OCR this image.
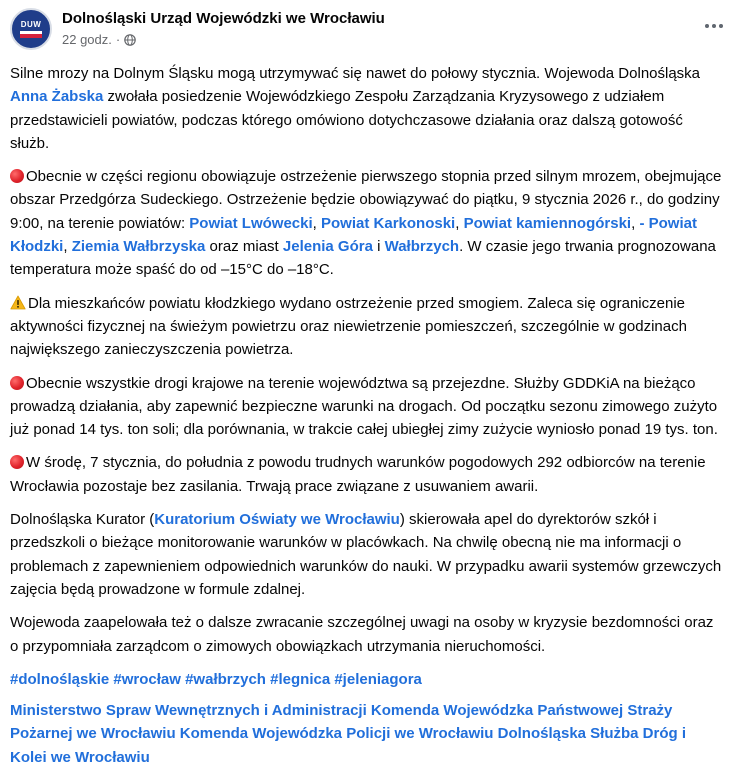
DUW Dolnośląski Urząd Wojewódzki we Wrocławiu
22 godz. ·

Silne mrozy na Dolnym Śląsku mogą utrzymywać się nawet do połowy stycznia. Wojewoda Dolnośląska Anna Żabska zwołała posiedzenie Wojewódzkiego Zespołu Zarządzania Kryzysowego z udziałem przedstawicieli powiatów, podczas którego omówiono dotychczasowe działania oraz dalszą gotowość służb.

Obecnie w części regionu obowiązuje ostrzeżenie pierwszego stopnia przed silnym mrozem, obejmujące obszar Przedgórza Sudeckiego. Ostrzeżenie będzie obowiązywać do piątku, 9 stycznia 2026 r., do godziny 9:00, na terenie powiatów: Powiat Lwówecki, Powiat Karkonoski, Powiat kamiennogórski, - Powiat Kłodzki, Ziemia Wałbrzyska oraz miast Jelenia Góra i Wałbrzych. W czasie jego trwania prognozowana temperatura może spaść do od –15°C do –18°C.

Dla mieszkańców powiatu kłodzkiego wydano ostrzeżenie przed smogiem. Zaleca się ograniczenie aktywności fizycznej na świeżym powietrzu oraz niewietrzenie pomieszczeń, szczególnie w godzinach największego zanieczyszczenia powietrza.

Obecnie wszystkie drogi krajowe na terenie województwa są przejezdne. Służby GDDKiA na bieżąco prowadzą działania, aby zapewnić bezpieczne warunki na drogach. Od początku sezonu zimowego zużyto już ponad 14 tys. ton soli; dla porównania, w trakcie całej ubiegłej zimy zużycie wyniosło ponad 19 tys. ton.

W środę, 7 stycznia, do południa z powodu trudnych warunków pogodowych 292 odbiorców na terenie Wrocławia pozostaje bez zasilania. Trwają prace związane z usuwaniem awarii.

Dolnośląska Kurator (Kuratorium Oświaty we Wrocławiu) skierowała apel do dyrektorów szkół i przedszkoli o bieżące monitorowanie warunków w placówkach. Na chwilę obecną nie ma informacji o problemach z zapewnieniem odpowiednich warunków do nauki. W przypadku awarii systemów grzewczych zajęcia będą prowadzone w formule zdalnej.

Wojewoda zaapelowała też o dalsze zwracanie szczególnej uwagi na osoby w kryzysie bezdomności oraz o przypomniała zarządcom o zimowych obowiązkach utrzymania nieruchomości.

#dolnośląskie #wrocław #wałbrzych #legnica #jeleniagora

Ministerstwo Spraw Wewnętrznych i Administracji Komenda Wojewódzka Państwowej Straży Pożarnej we Wrocławiu Komenda Wojewódzka Policji we Wrocławiu Dolnośląska Służba Dróg i Kolei we Wrocławiu
